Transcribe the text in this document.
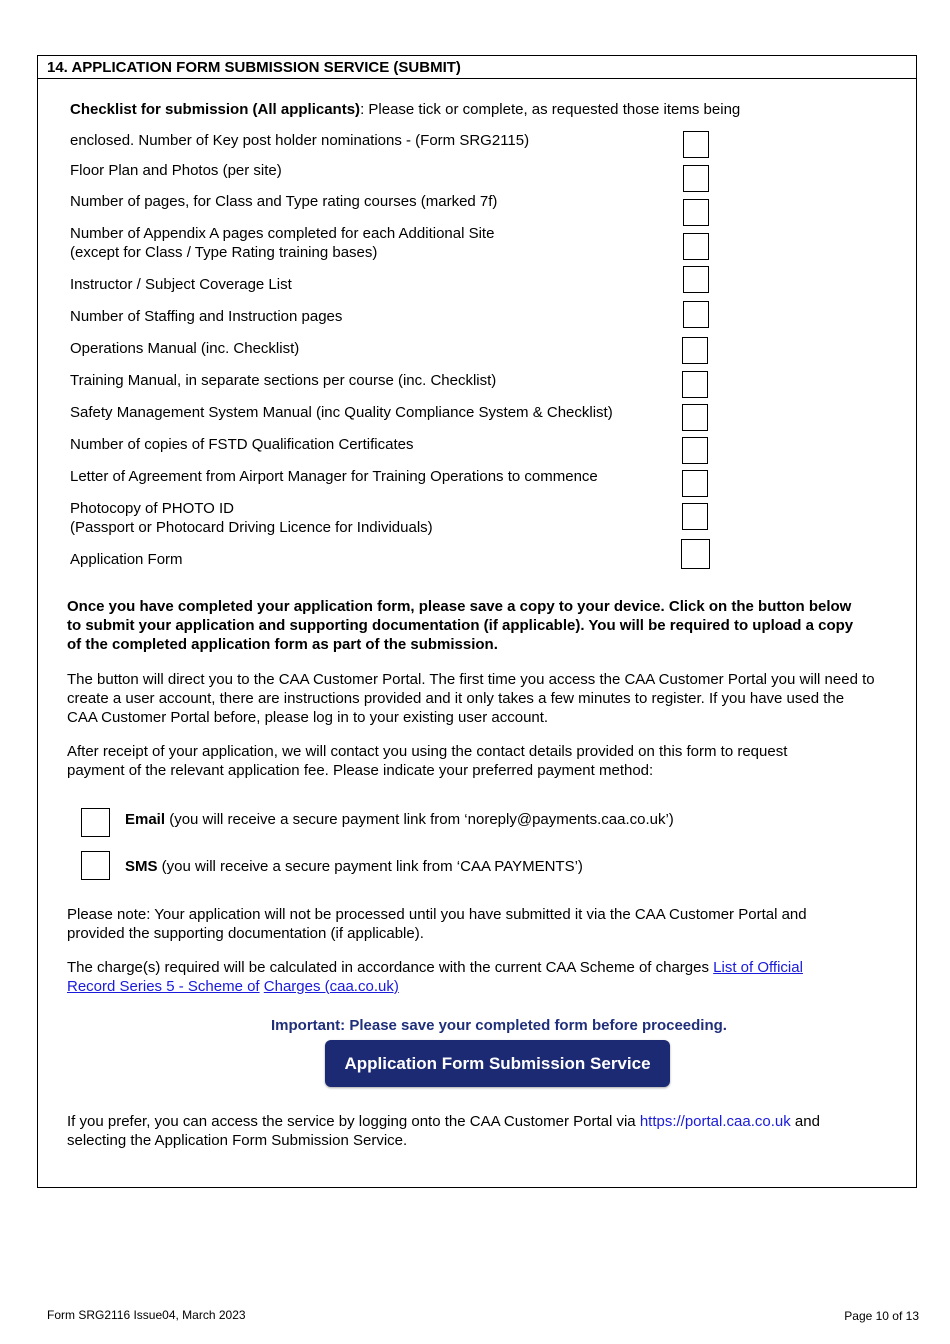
14. APPLICATION FORM SUBMISSION SERVICE (SUBMIT)
Checklist for submission (All applicants): Please tick or complete, as requested those items being
enclosed. Number of Key post holder nominations - (Form SRG2115)
Floor Plan and Photos (per site)
Number of pages, for Class and Type rating courses (marked 7f)
Number of Appendix A pages completed for each Additional Site
(except for Class / Type Rating training bases)
Instructor / Subject Coverage List
Number of Staffing and Instruction pages
Operations Manual (inc. Checklist)
Training Manual, in separate sections per course (inc. Checklist)
Safety Management System Manual (inc Quality Compliance System & Checklist)
Number of copies of FSTD Qualification Certificates
Letter of Agreement from Airport Manager for Training Operations to commence
Photocopy of PHOTO ID
(Passport or Photocard Driving Licence for Individuals)
Application Form
Once you have completed your application form, please save a copy to your device. Click on the button below to submit your application and supporting documentation (if applicable). You will be required to upload a copy of the completed application form as part of the submission.
The button will direct you to the CAA Customer Portal. The first time you access the CAA Customer Portal you will need to create a user account, there are instructions provided and it only takes a few minutes to register. If you have used the CAA Customer Portal before, please log in to your existing user account.
After receipt of your application, we will contact you using the contact details provided on this form to request payment of the relevant application fee. Please indicate your preferred payment method:
Email (you will receive a secure payment link from ‘noreply@payments.caa.co.uk’)
SMS (you will receive a secure payment link from ‘CAA PAYMENTS’)
Please note: Your application will not be processed until you have submitted it via the CAA Customer Portal and provided the supporting documentation (if applicable).
The charge(s) required will be calculated in accordance with the current CAA Scheme of charges List of Official Record Series 5 - Scheme of Charges (caa.co.uk)
Important: Please save your completed form before proceeding.
Application Form Submission Service
If you prefer, you can access the service by logging onto the CAA Customer Portal via https://portal.caa.co.uk and selecting the Application Form Submission Service.
Form SRG2116 Issue04, March 2023	Page 10 of 13
